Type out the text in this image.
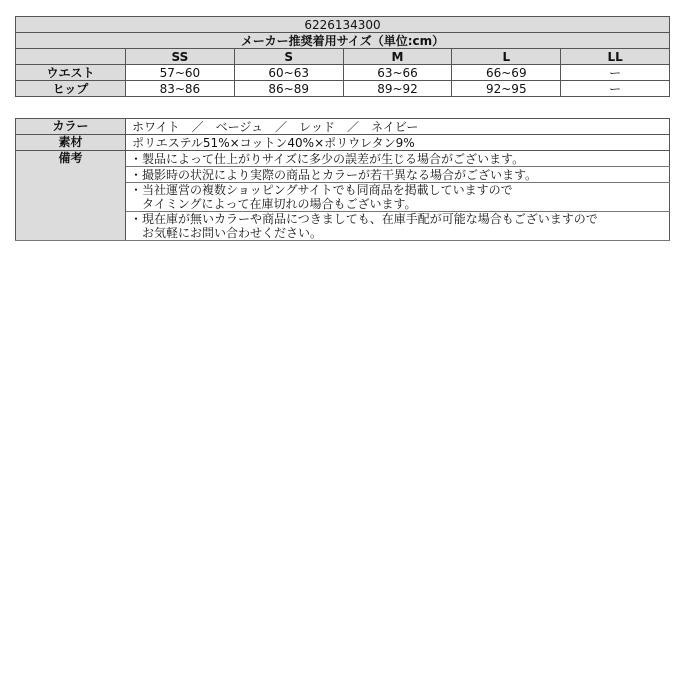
6226134300					
メーカー推奨着用サイズ（単位:cm）					
	SS	S	M	L	LL
ウエスト	57~60	60~63	63~66	66~69	ー
ヒップ	83~86	86~89	89~92	92~95	ー
カラー	ホワイト　／　ベージュ　／　レッド　／　ネイビー
素材	ポリエステル51%×コットン40%×ポリウレタン9%
備考	・製品によって仕上がりサイズに多少の誤差が生じる場合がございます。

	・撮影時の状況により実際の商品とカラーが若干異なる場合がございます。

	・当社運営の複数ショッピングサイトでも同商品を掲載していますので
　タイミングによって在庫切れの場合もございます。

	・現在庫が無いカラーや商品につきましても、在庫手配が可能な場合もございますので
　お気軽にお問い合わせください。
